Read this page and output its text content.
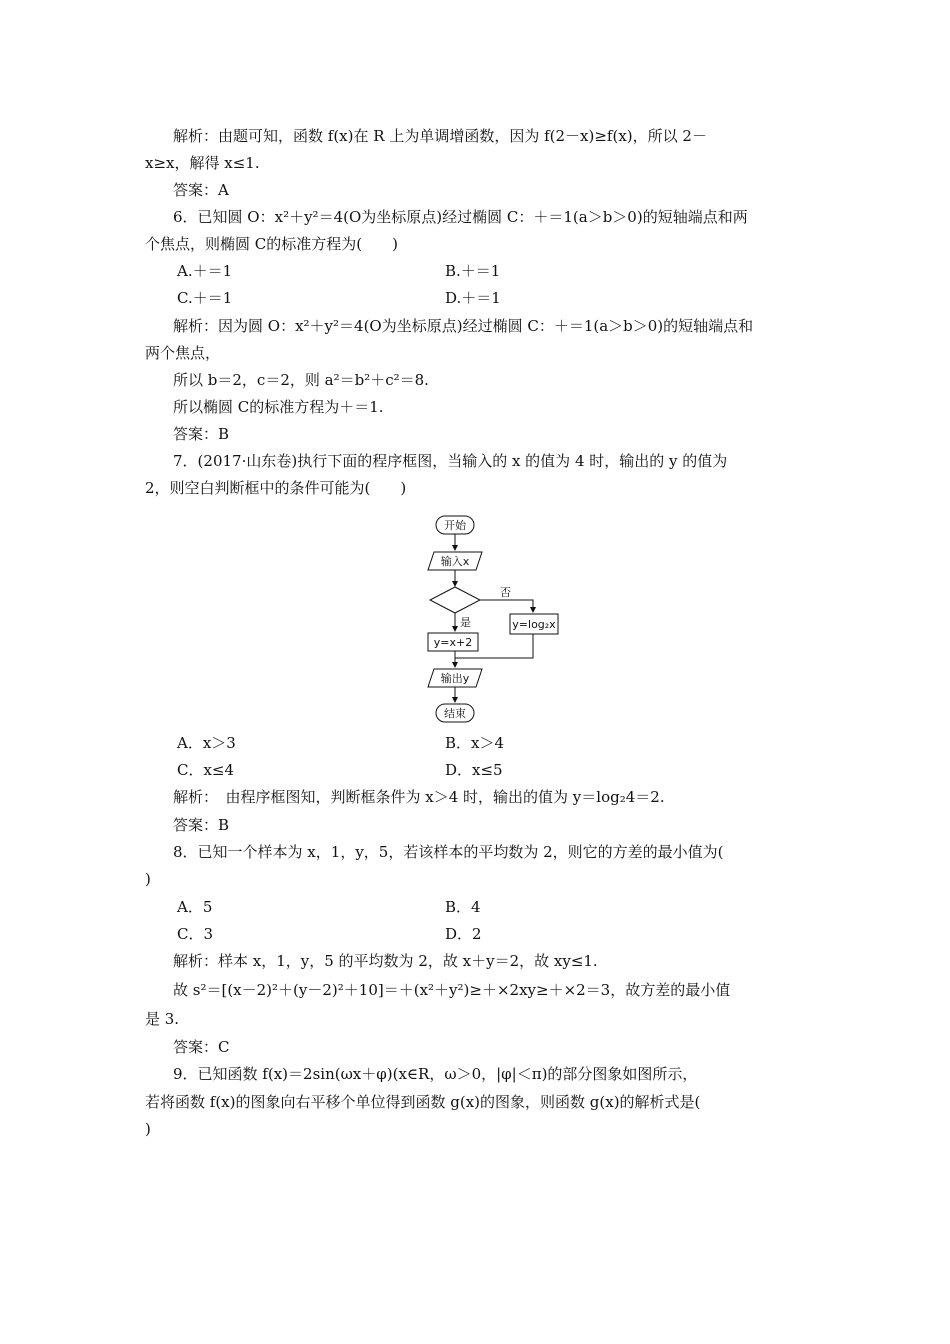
解析：由题可知，函数 f(x)在 R 上为单调增函数，因为 f(2－x)≥f(x)，所以 2－
x≥x，解得 x≤1.
答案：A
6．已知圆 O：x²＋y²＝4(O为坐标原点)经过椭圆 C：＋＝1(a＞b＞0)的短轴端点和两
个焦点，则椭圆 C的标准方程为(　　)
A.＋＝1	B.＋＝1
C.＋＝1	D.＋＝1
解析：因为圆 O：x²＋y²＝4(O为坐标原点)经过椭圆 C：＋＝1(a＞b＞0)的短轴端点和
两个焦点，
所以 b＝2，c＝2，则 a²＝b²＋c²＝8.
所以椭圆 C的标准方程为＋＝1.
答案：B
7．(2017·山东卷)执行下面的程序框图，当输入的 x 的值为 4 时，输出的 y 的值为
2，则空白判断框中的条件可能为(　　)
开始
输入x
否
y=log₂x
是
y=x+2
输出y
结束
A．x＞3	B．x＞4
C．x≤4	D．x≤5
解析：　由程序框图知，判断框条件为 x＞4 时，输出的值为 y＝log₂4＝2.
答案：B
8．已知一个样本为 x，1，y，5，若该样本的平均数为 2，则它的方差的最小值为(
)
A．5	B．4
C．3	D．2
解析：样本 x，1，y，5 的平均数为 2，故 x＋y＝2，故 xy≤1.
故 s²＝[(x－2)²＋(y－2)²＋10]＝＋(x²＋y²)≥＋×2xy≥＋×2＝3，故方差的最小值
是 3.
答案：C
9．已知函数 f(x)＝2sin(ωx＋φ)(x∈R，ω＞0，|φ|＜π)的部分图象如图所示，
若将函数 f(x)的图象向右平移个单位得到函数 g(x)的图象，则函数 g(x)的解析式是(
)
